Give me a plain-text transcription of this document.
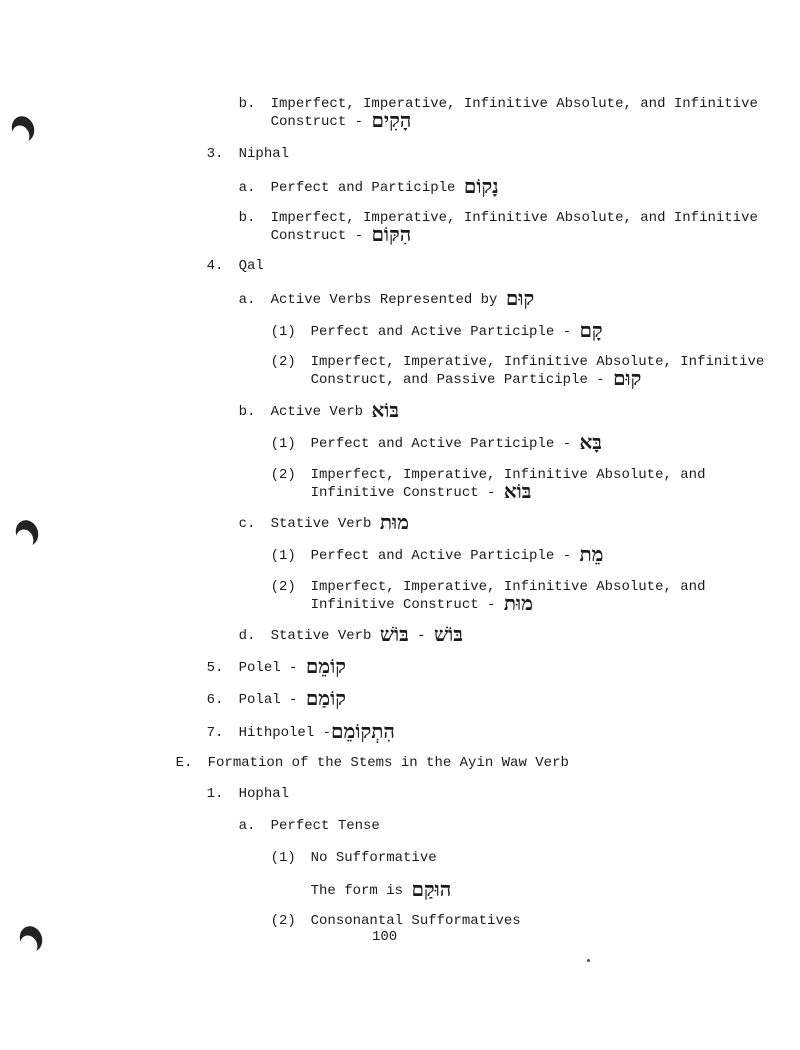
b. Imperfect, Imperative, Infinitive Absolute, and Infinitive

Construct - הָקִים

3. Niphal

a. Perfect and Participle נָקוֹם

b. Imperfect, Imperative, Infinitive Absolute, and Infinitive

Construct - הִקּוֹם

4. Qal

a. Active Verbs Represented by קוּם

(1) Perfect and Active Participle - קָם

(2) Imperfect, Imperative, Infinitive Absolute, Infinitive

Construct, and Passive Participle - קוּם

b. Active Verb בּוֹא

(1) Perfect and Active Participle - בָּא

(2) Imperfect, Imperative, Infinitive Absolute, and

Infinitive Construct - בּוֹא

c. Stative Verb מוּת

(1) Perfect and Active Participle - מֵת

(2) Imperfect, Imperative, Infinitive Absolute, and

Infinitive Construct - מוּת

d. Stative Verb בּוֹשׁ - בּוֹשׁ

5. Polel - קוֹמֵם

6. Polal - קוֹמַם

7. Hithpolel -הִתְקוֹמֵם

E. Formation of the Stems in the Ayin Waw Verb

1. Hophal

a. Perfect Tense

(1) No Sufformative

The form is הוּקַם

(2) Consonantal Sufformatives

100
